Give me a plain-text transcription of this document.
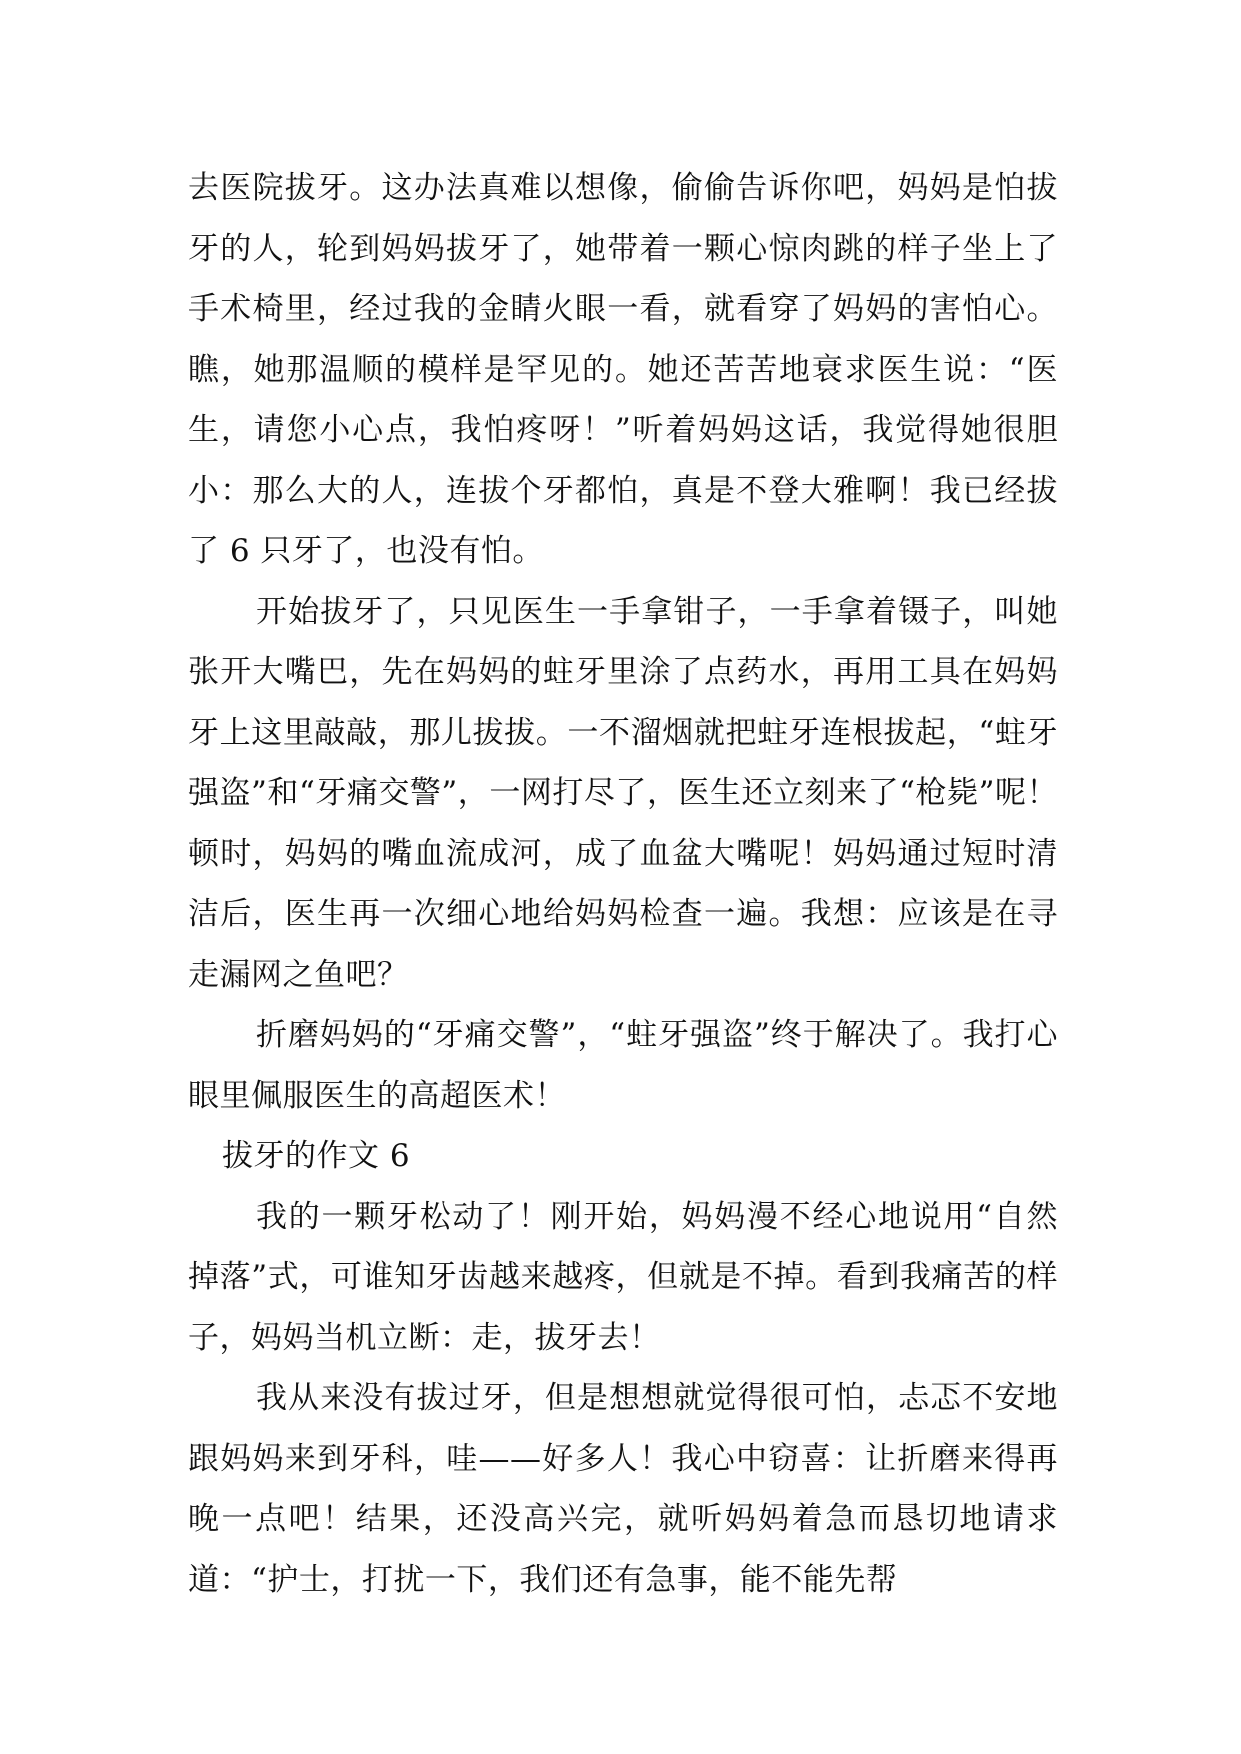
去医院拔牙。这办法真难以想像，偷偷告诉你吧，妈妈是怕拔牙的人，轮到妈妈拔牙了，她带着一颗心惊肉跳的样子坐上了手术椅里，经过我的金睛火眼一看，就看穿了妈妈的害怕心。瞧，她那温顺的模样是罕见的。她还苦苦地衰求医生说：“医生，请您小心点，我怕疼呀！”听着妈妈这话，我觉得她很胆小：那么大的人，连拔个牙都怕，真是不登大雅啊！我已经拔了 6 只牙了，也没有怕。

开始拔牙了，只见医生一手拿钳子，一手拿着镊子，叫她张开大嘴巴，先在妈妈的蛀牙里涂了点药水，再用工具在妈妈牙上这里敲敲，那儿拔拔。一不溜烟就把蛀牙连根拔起，“蛀牙强盗”和“牙痛交警”，一网打尽了，医生还立刻来了“枪毙”呢！顿时，妈妈的嘴血流成河，成了血盆大嘴呢！妈妈通过短时清洁后，医生再一次细心地给妈妈检查一遍。我想：应该是在寻走漏网之鱼吧？

折磨妈妈的“牙痛交警”，“蛀牙强盗”终于解决了。我打心眼里佩服医生的高超医术！

拔牙的作文 6

我的一颗牙松动了！刚开始，妈妈漫不经心地说用“自然掉落”式，可谁知牙齿越来越疼，但就是不掉。看到我痛苦的样子，妈妈当机立断：走，拔牙去！

我从来没有拔过牙，但是想想就觉得很可怕，忐忑不安地跟妈妈来到牙科，哇——好多人！我心中窃喜：让折磨来得再晚一点吧！结果，还没高兴完，就听妈妈着急而恳切地请求道：“护士，打扰一下，我们还有急事，能不能先帮
